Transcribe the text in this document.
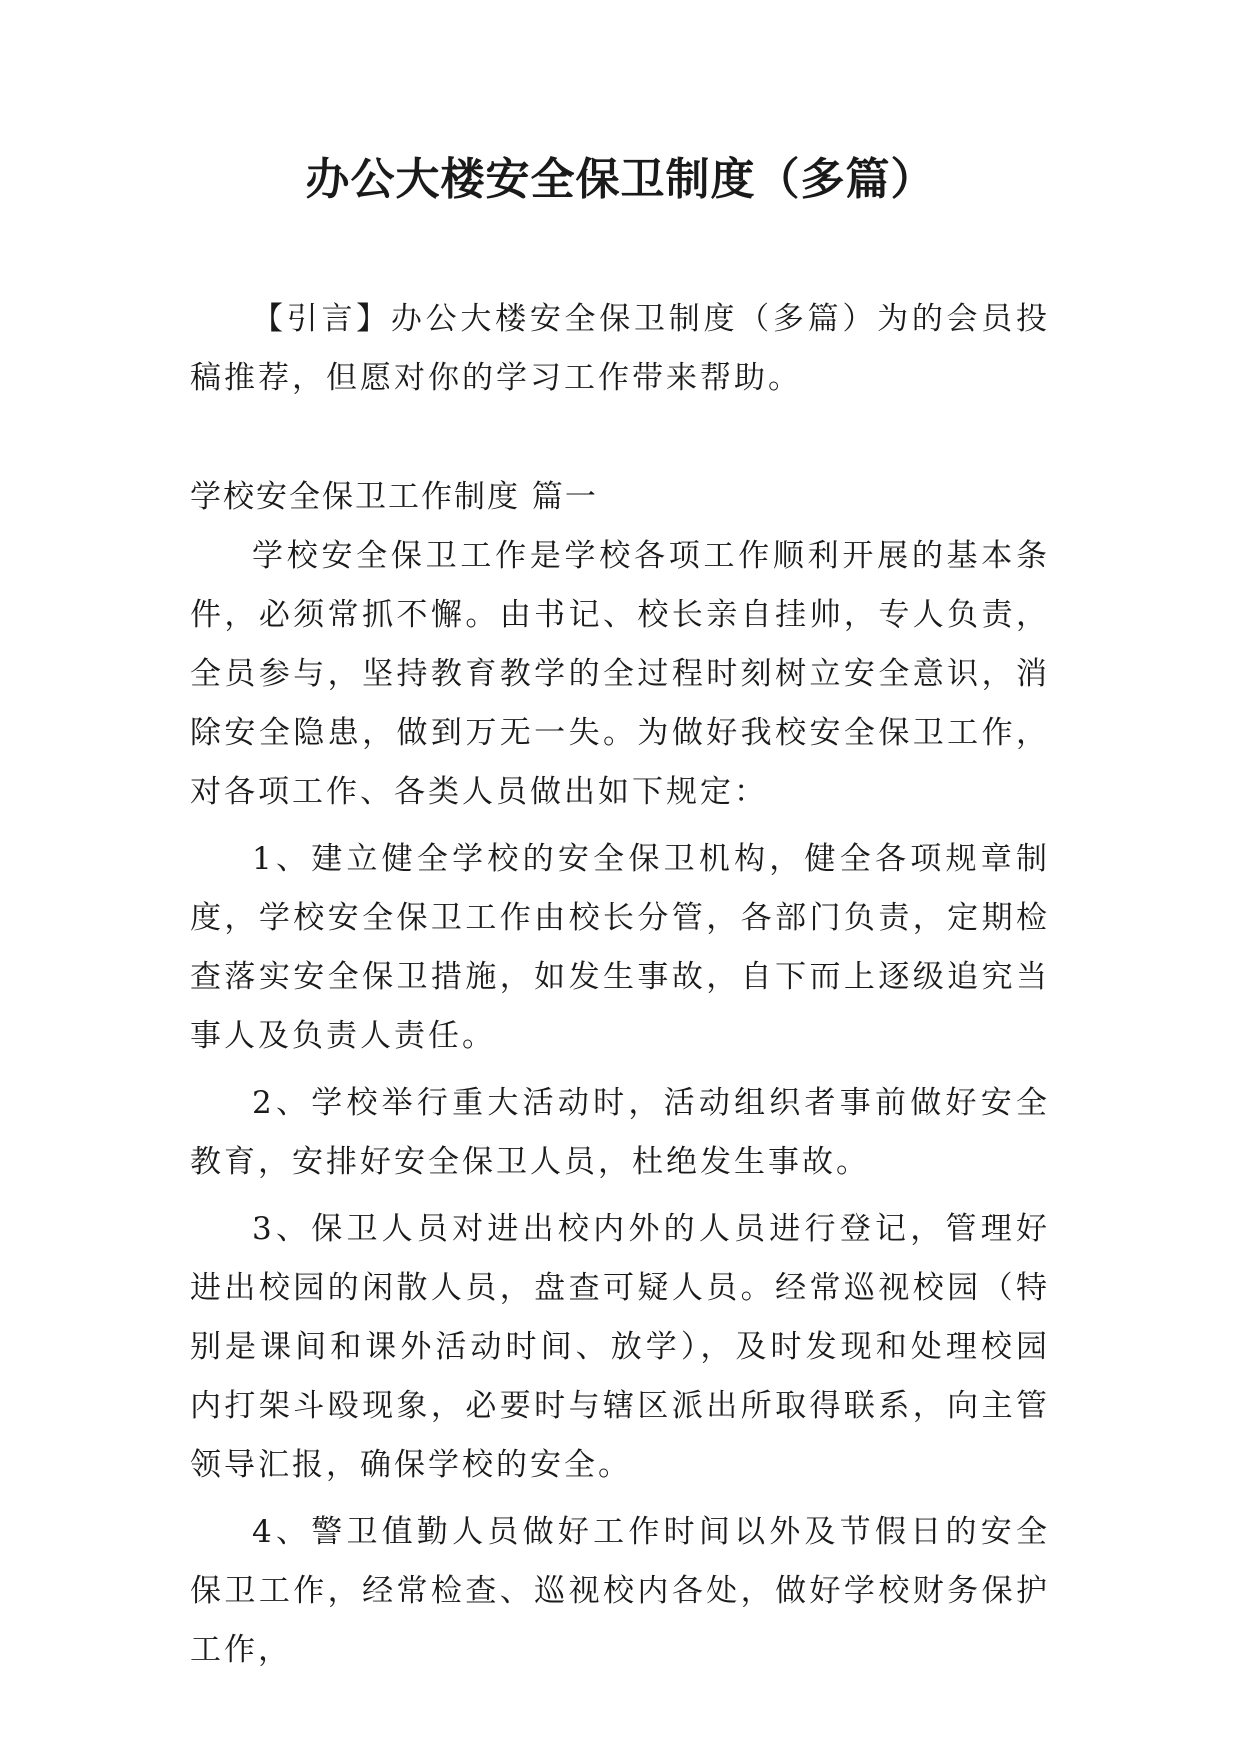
办公大楼安全保卫制度（多篇）

【引言】办公大楼安全保卫制度（多篇）为的会员投稿推荐，但愿对你的学习工作带来帮助。

学校安全保卫工作制度 篇一

学校安全保卫工作是学校各项工作顺利开展的基本条件，必须常抓不懈。由书记、校长亲自挂帅，专人负责，全员参与，坚持教育教学的全过程时刻树立安全意识，消除安全隐患，做到万无一失。为做好我校安全保卫工作，对各项工作、各类人员做出如下规定：

1、建立健全学校的安全保卫机构，健全各项规章制度，学校安全保卫工作由校长分管，各部门负责，定期检查落实安全保卫措施，如发生事故，自下而上逐级追究当事人及负责人责任。

2、学校举行重大活动时，活动组织者事前做好安全教育，安排好安全保卫人员，杜绝发生事故。

3、保卫人员对进出校内外的人员进行登记，管理好进出校园的闲散人员，盘查可疑人员。经常巡视校园（特别是课间和课外活动时间、放学），及时发现和处理校园内打架斗殴现象，必要时与辖区派出所取得联系，向主管领导汇报，确保学校的安全。

4、警卫值勤人员做好工作时间以外及节假日的安全保卫工作，经常检查、巡视校内各处，做好学校财务保护工作，
